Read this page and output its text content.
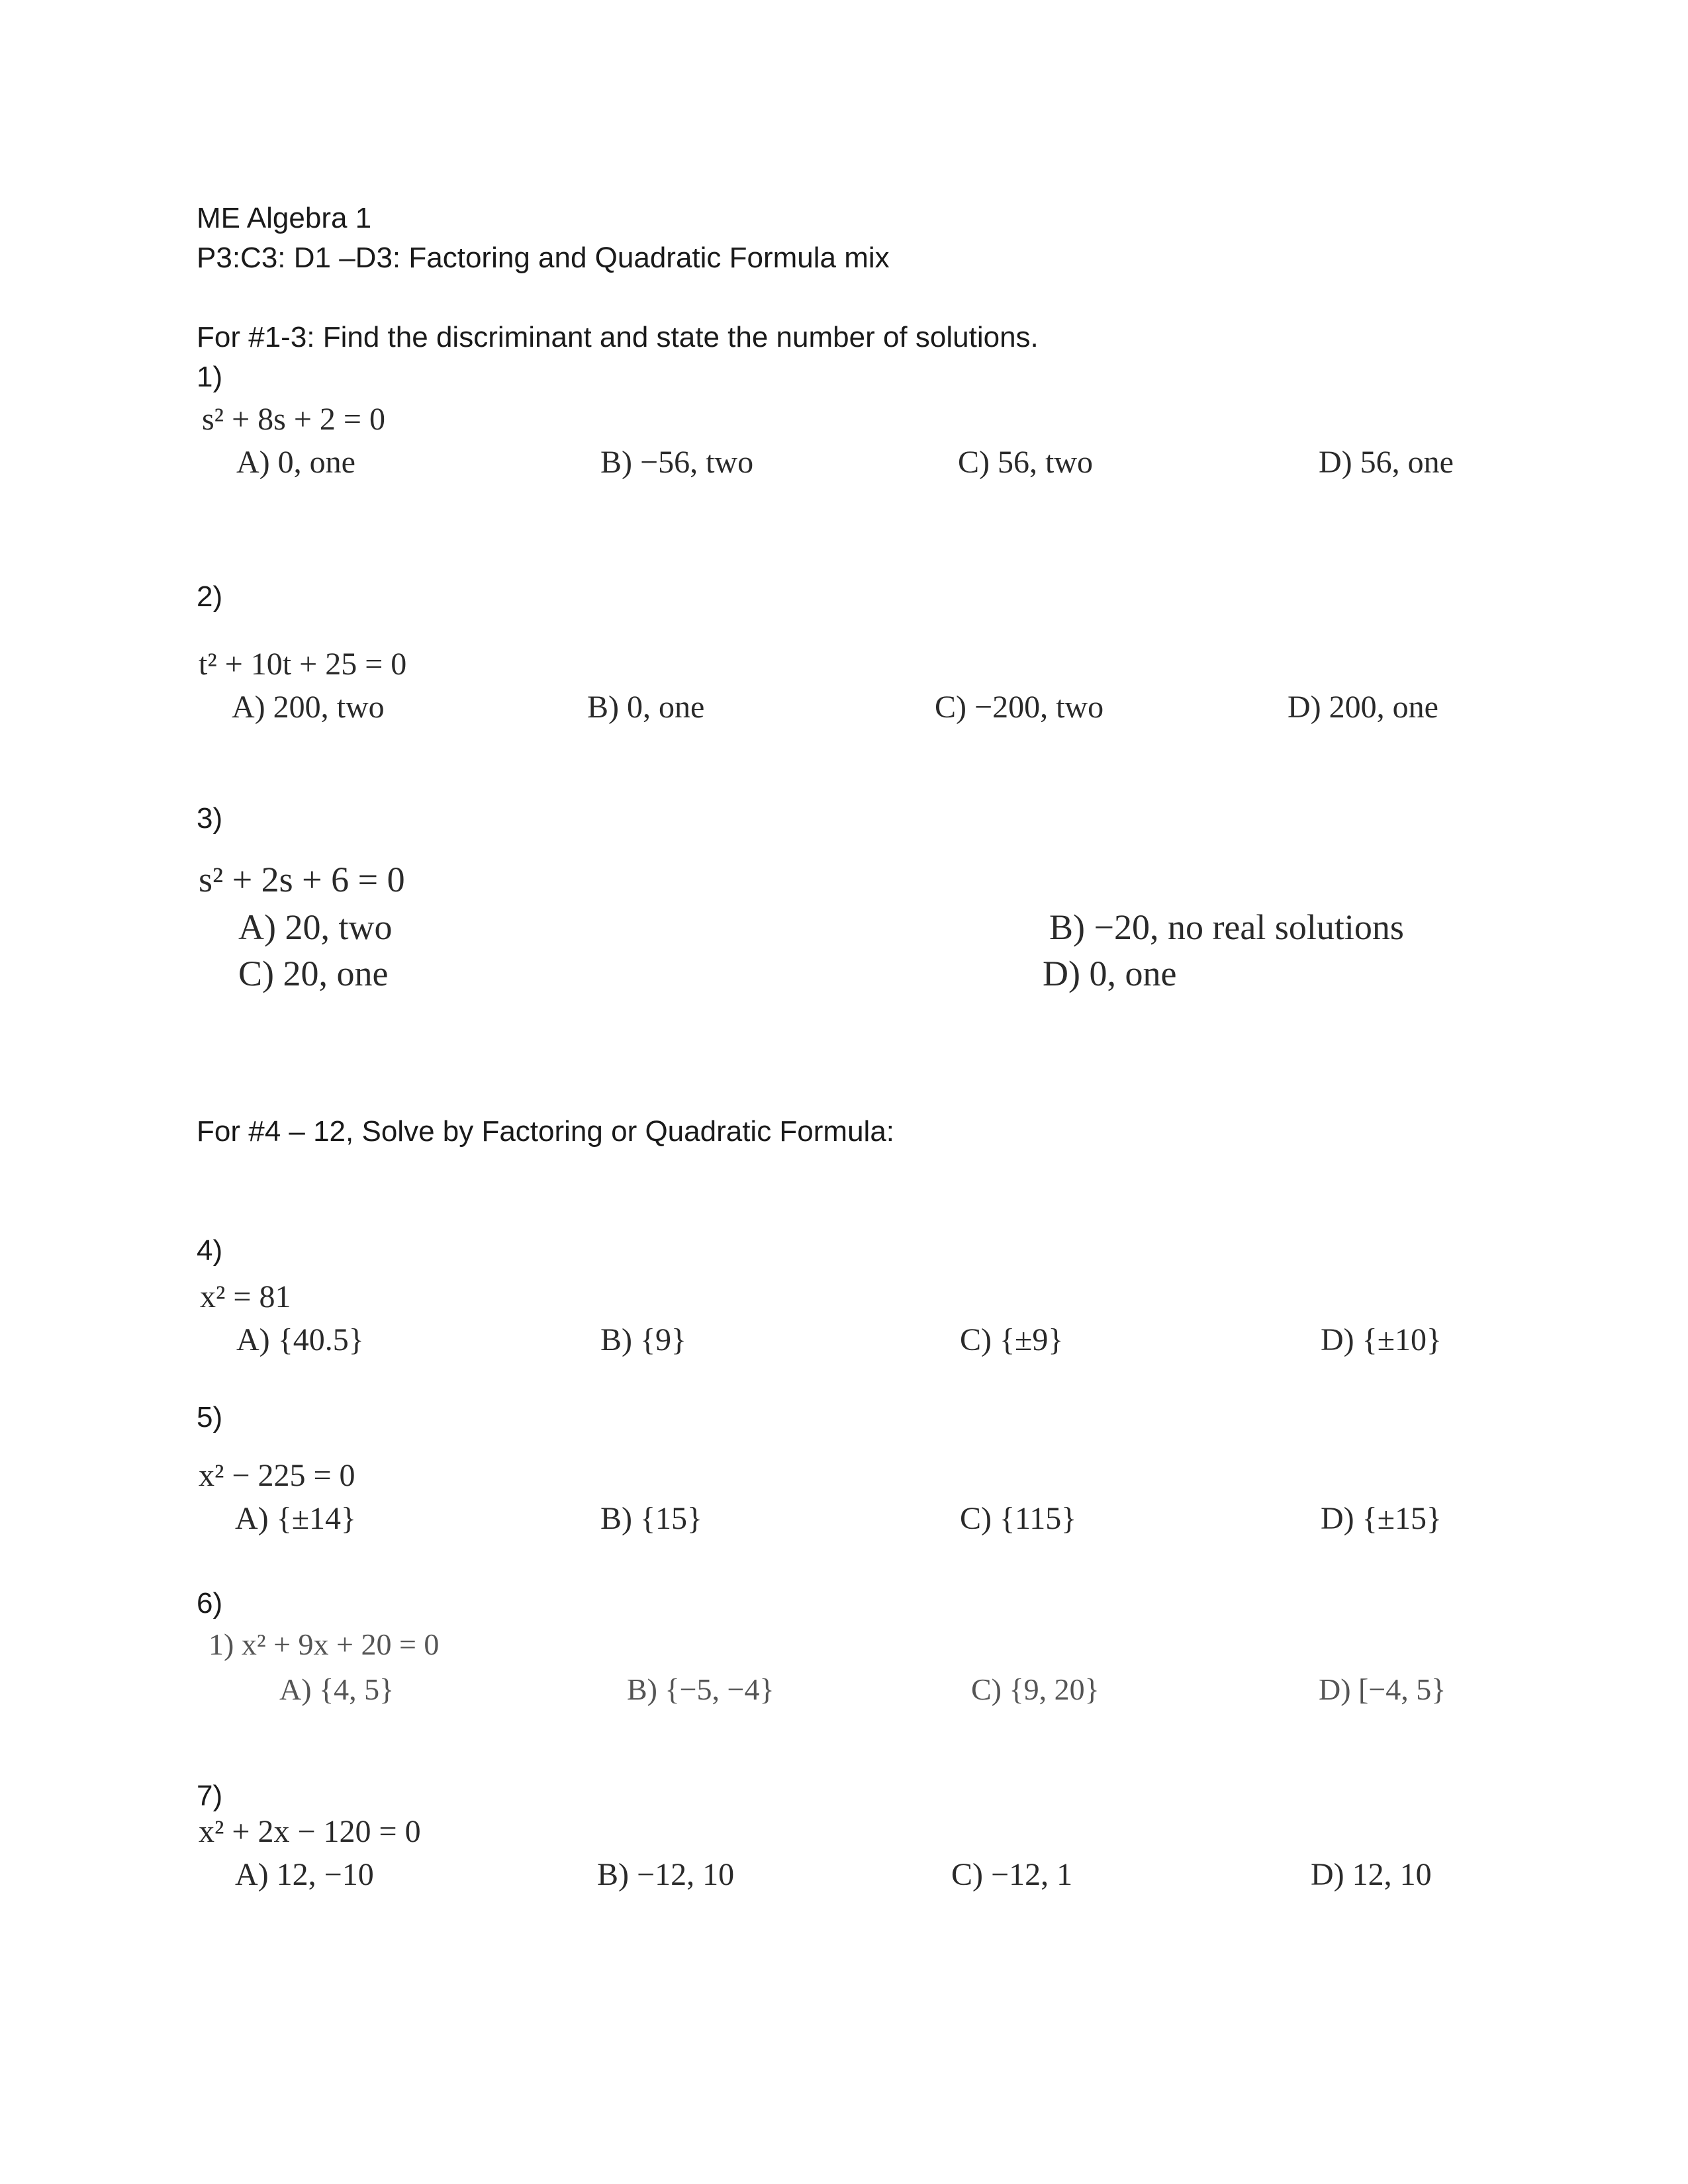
ME Algebra 1
P3:C3: D1 –D3: Factoring and Quadratic Formula mix
For #1-3: Find the discriminant and state the number of solutions.
1)
s² + 8s + 2 = 0
A) 0, one	B) −56, two	C) 56, two	D) 56, one
2)
t² + 10t + 25 = 0
A) 200, two	B) 0, one	C) −200, two	D) 200, one
3)
s² + 2s + 6 = 0
A) 20, two	B) −20, no real solutions
C) 20, one	D) 0, one
For #4 – 12, Solve by Factoring or Quadratic Formula:
4)
x² = 81
A) {40.5}	B) {9}	C) {±9}	D) {±10}
5)
x² − 225 = 0
A) {±14}	B) {15}	C) {115}	D) {±15}
6)
1) x² + 9x + 20 = 0
A) {4, 5}	B) {−5, −4}	C) {9, 20}	D) [−4, 5}
7)
x² + 2x − 120 = 0
A) 12, −10	B) −12, 10	C) −12, 1	D) 12, 10
